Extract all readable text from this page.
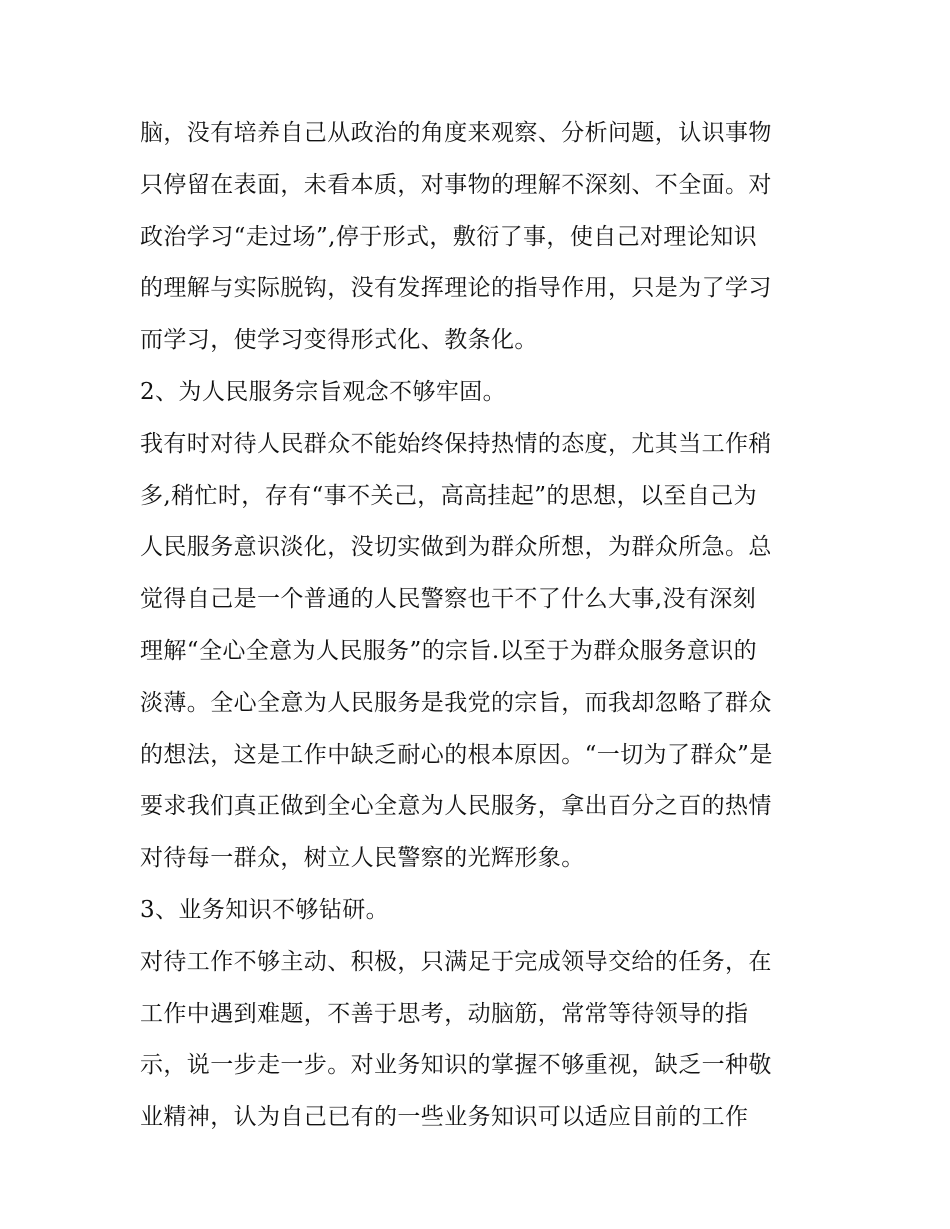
脑，没有培养自己从政治的角度来观察、分析问题，认识事物
只停留在表面，未看本质，对事物的理解不深刻、不全面。对
政治学习“走过场”,停于形式，敷衍了事，使自己对理论知识
的理解与实际脱钩，没有发挥理论的指导作用，只是为了学习
而学习，使学习变得形式化、教条化。
2、为人民服务宗旨观念不够牢固。
我有时对待人民群众不能始终保持热情的态度，尤其当工作稍
多,稍忙时，存有“事不关己，高高挂起”的思想，以至自己为
人民服务意识淡化，没切实做到为群众所想，为群众所急。总
觉得自己是一个普通的人民警察也干不了什么大事,没有深刻
理解“全心全意为人民服务”的宗旨.以至于为群众服务意识的
淡薄。全心全意为人民服务是我党的宗旨，而我却忽略了群众
的想法，这是工作中缺乏耐心的根本原因。“一切为了群众”是
要求我们真正做到全心全意为人民服务，拿出百分之百的热情
对待每一群众，树立人民警察的光辉形象。
3、业务知识不够钻研。
对待工作不够主动、积极，只满足于完成领导交给的任务，在
工作中遇到难题，不善于思考，动脑筋，常常等待领导的指
示，说一步走一步。对业务知识的掌握不够重视，缺乏一种敬
业精神，认为自己已有的一些业务知识可以适应目前的工作
